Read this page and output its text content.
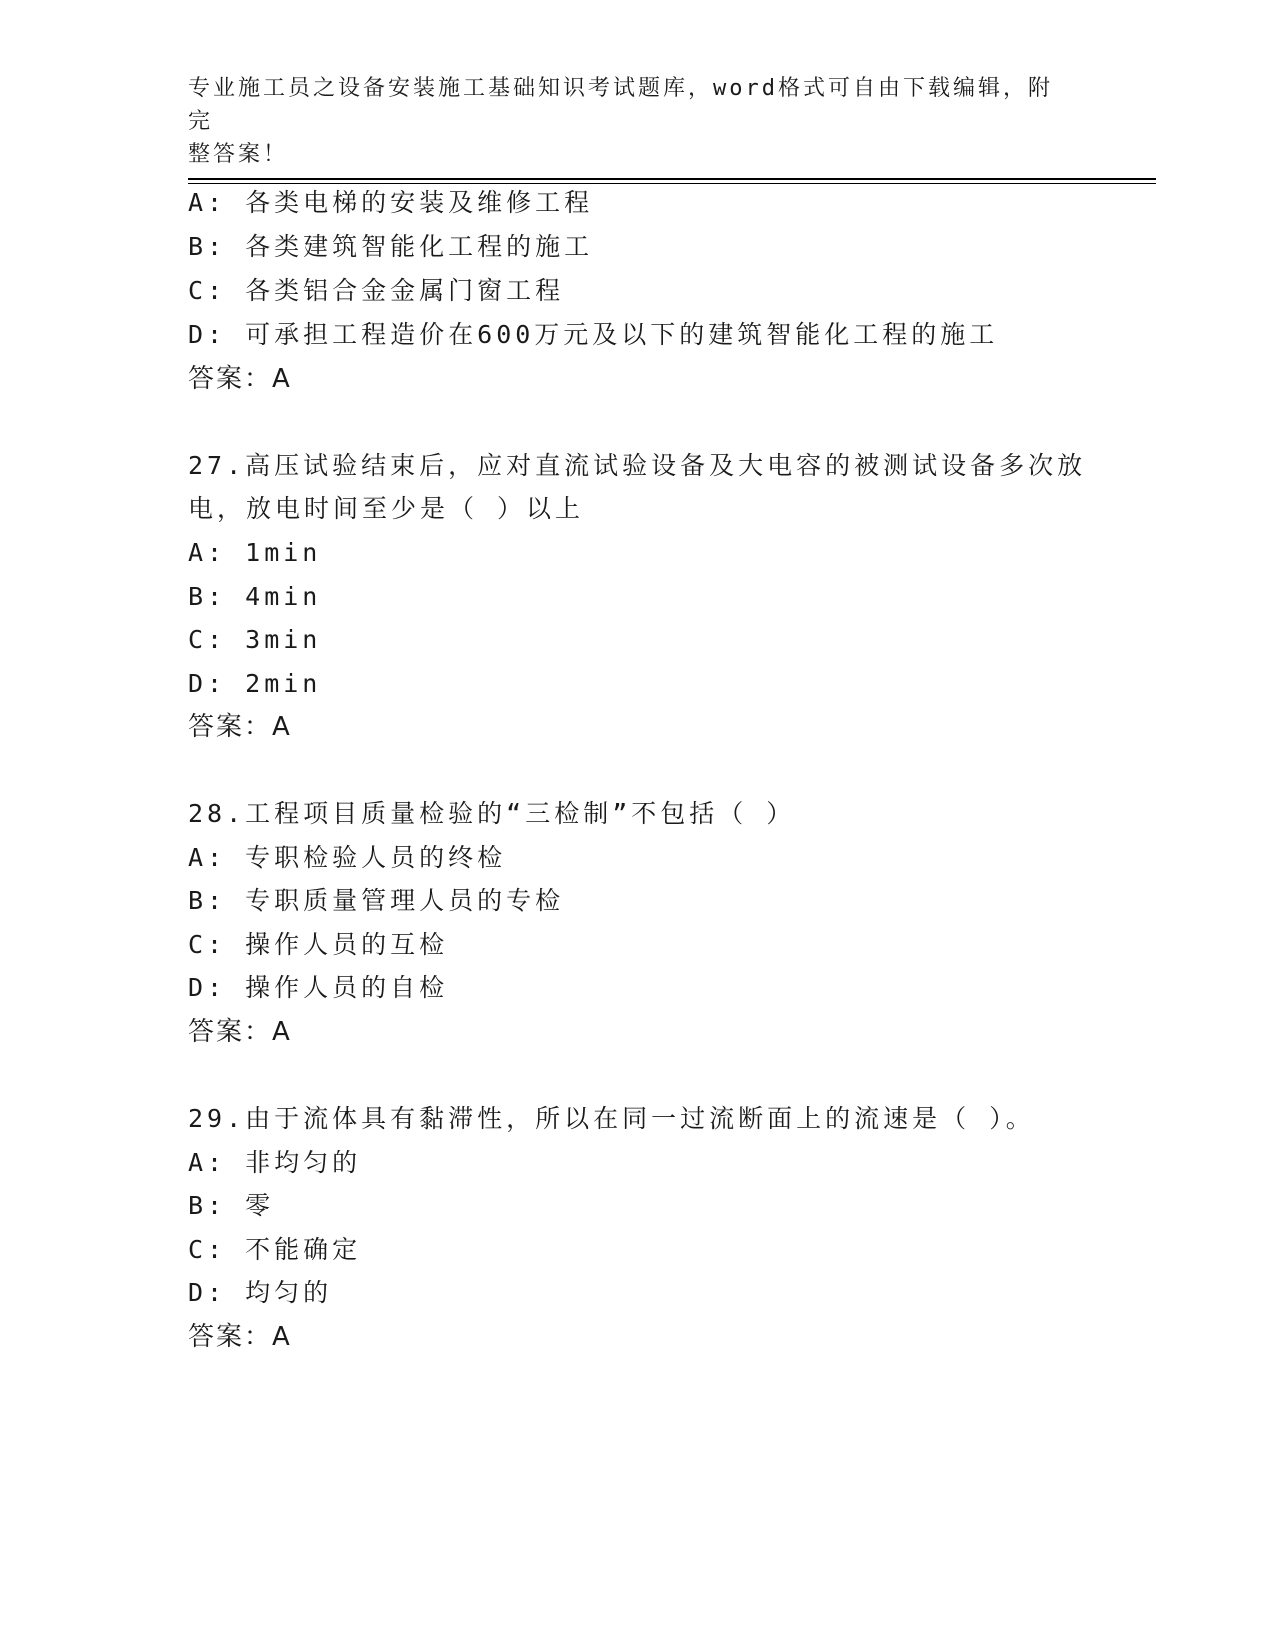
专业施工员之设备安装施工基础知识考试题库，word格式可自由下载编辑，附完
整答案！
A: 各类电梯的安装及维修工程
B: 各类建筑智能化工程的施工
C: 各类铝合金金属门窗工程
D: 可承担工程造价在600万元及以下的建筑智能化工程的施工
答案：A
27.高压试验结束后，应对直流试验设备及大电容的被测试设备多次放
电，放电时间至少是（ ）以上
A: 1min
B: 4min
C: 3min
D: 2min
答案：A
28.工程项目质量检验的“三检制”不包括（ ）
A: 专职检验人员的终检
B: 专职质量管理人员的专检
C: 操作人员的互检
D: 操作人员的自检
答案：A
29.由于流体具有黏滞性，所以在同一过流断面上的流速是（ ）。
A: 非均匀的
B: 零
C: 不能确定
D: 均匀的
答案：A
